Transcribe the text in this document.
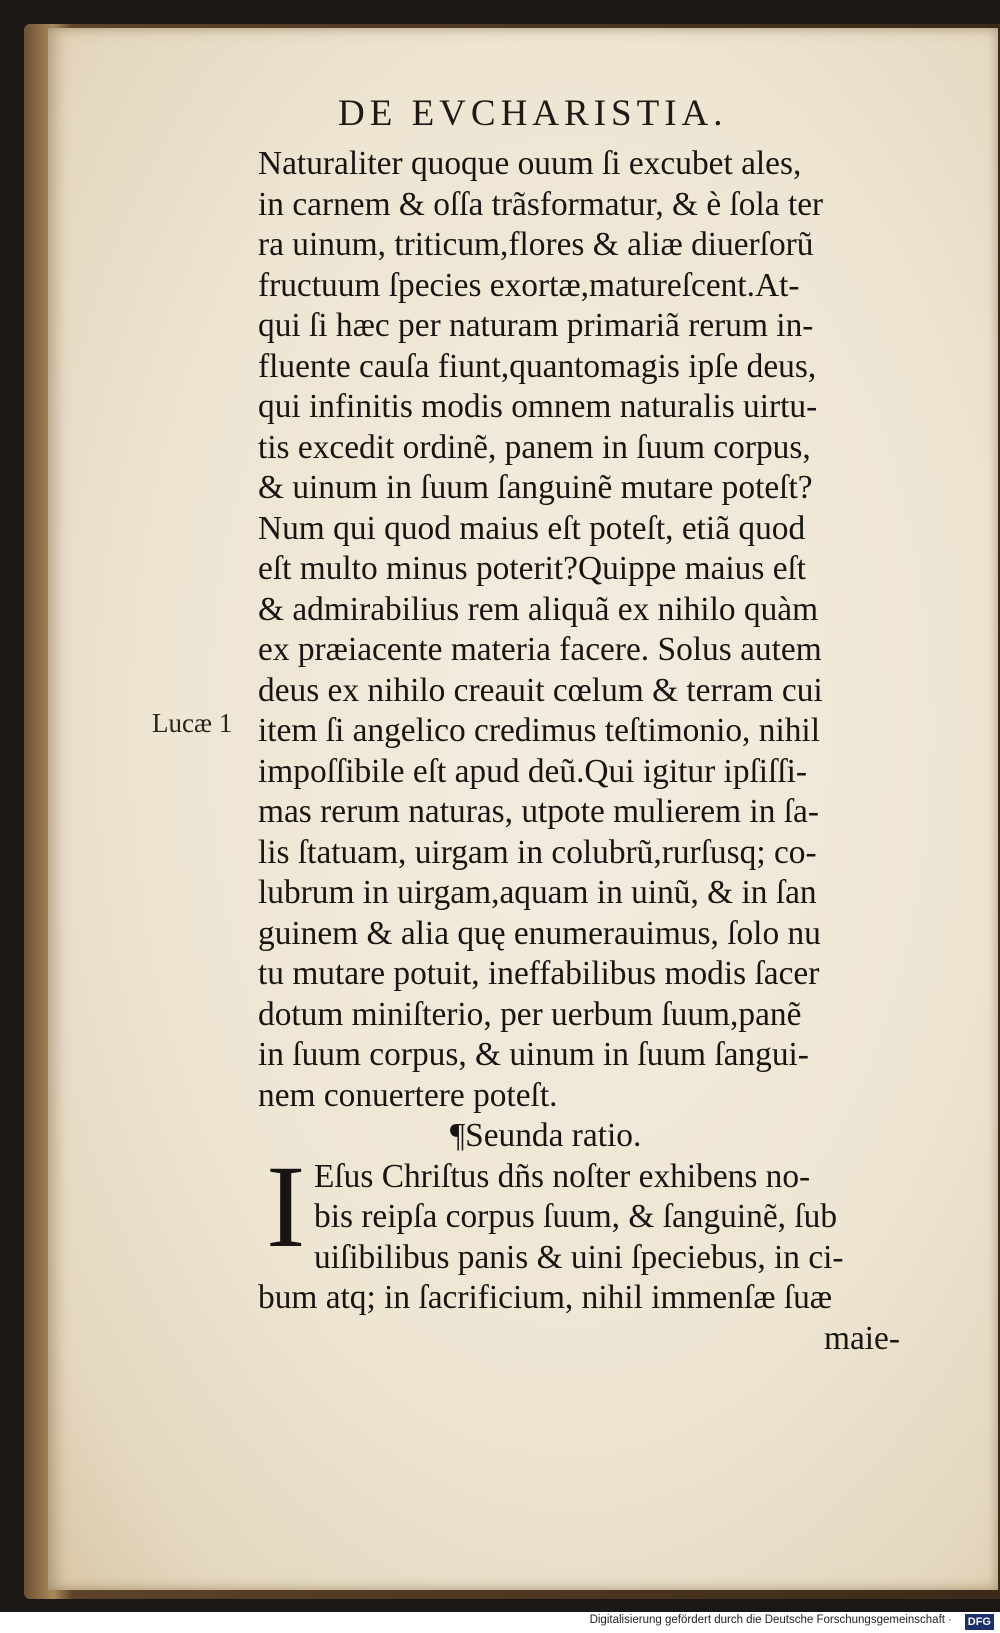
DE EVCHARISTIA.
Lucæ 1
Naturaliter quoque ouum ſi excubet ales,
in carnem & oſſa trãsformatur, & è ſola ter
ra uinum, triticum,flores & aliæ diuerſorũ
fructuum ſpecies exortæ,matureſcent.At‑
qui ſi hæc per naturam primariã rerum in‑
fluente cauſa fiunt,quantomagis ipſe deus,
qui infinitis modis omnem naturalis uirtu‑
tis excedit ordinẽ, panem in ſuum corpus,
& uinum in ſuum ſanguinẽ mutare poteſt?
Num qui quod maius eſt poteſt, etiã quod
eſt multo minus poterit?Quippe maius eſt
& admirabilius rem aliquã ex nihilo quàm
ex præiacente materia facere. Solus autem
deus ex nihilo creauit cœlum & terram cui
item ſi angelico credimus teſtimonio, nihil
impoſſibile eſt apud deũ.Qui igitur ipſiſſi‑
mas rerum naturas, utpote mulierem in ſa‑
lis ſtatuam, uirgam in colubrũ,rurſusq; co‑
lubrum in uirgam,aquam in uinũ, & in ſan
guinem & alia quę enumerauimus, ſolo nu
tu mutare potuit, ineffabilibus modis ſacer
dotum miniſterio, per uerbum ſuum,panẽ
in ſuum corpus, & uinum in ſuum ſangui‑
nem conuertere poteſt.
¶Seunda ratio.
Eſus Chriſtus dñs noſter exhibens no‑
bis reipſa corpus ſuum, & ſanguinẽ, ſub
uiſibilibus panis & uini ſpeciebus, in ci‑
bum atq; in ſacrificium, nihil immenſæ ſuæ
maie‑
I
Digitalisierung gefördert durch die Deutsche Forschungsgemeinschaft · DFG
